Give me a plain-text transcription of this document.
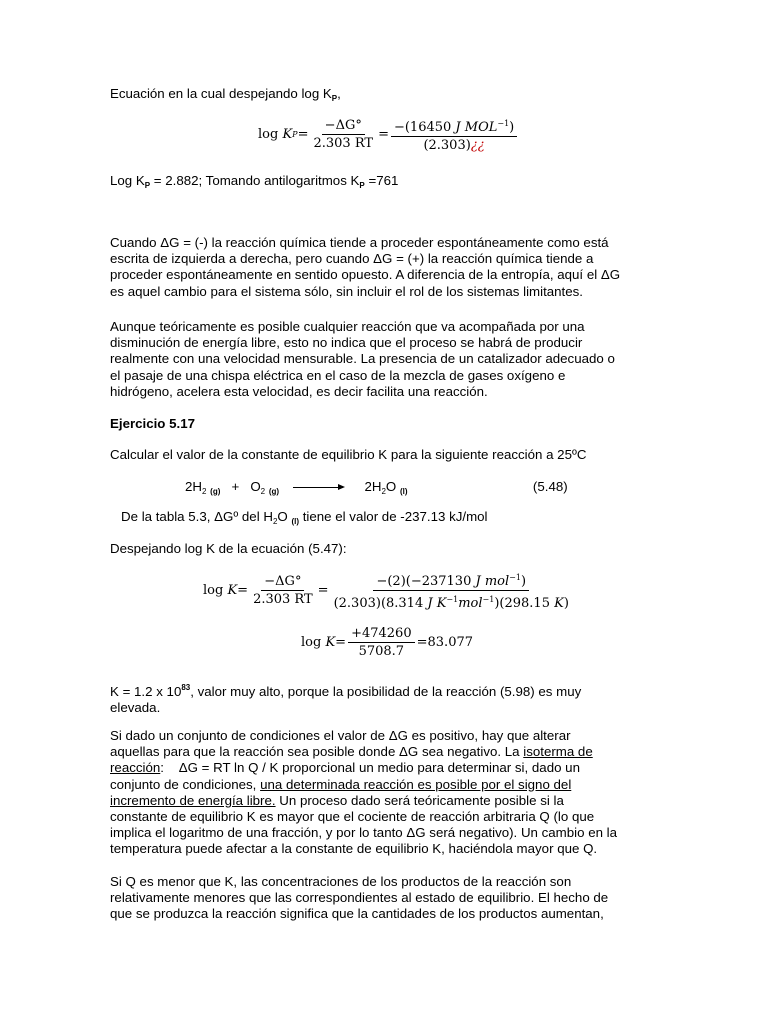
Ecuación en la cual despejando $\log K_P$,

log
K $P = \frac{-\Delta G^\circ}{2.303 RT} = \frac{-(16450 J MOL^{-1})}{(2.303)¿¿}$

Log $K_P = 2.882$; Tomando antilogaritmos $K_P =761$

Cuando ΔG = (-) la reacción química tiende a proceder espontáneamente como está
escrita de izquierda a derecha, pero cuando ΔG = (+) la reacción química tiende a
proceder espontáneamente en sentido opuesto. A diferencia de la entropía, aquí el ΔG
es aquel cambio para el sistema sólo, sin incluir el rol de los sistemas limitantes.

Aunque teóricamente es posible cualquier reacción que va acompañada por una
disminución de energía libre, esto no indica que el proceso se habrá de producir
realmente con una velocidad mensurable. La presencia de un catalizador adecuado o
el pasaje de una chispa eléctrica en el caso de la mezcla de gases oxígeno e
hidrógeno, acelera esta velocidad, es decir facilita una reacción.

Ejercicio 5.17

Calcular el valor de la constante de equilibrio K para la siguiente reacción a 25ºC

$2H_2$ $_{(g)} + O_2$ $_{(g)} \to 2H_2O$ $_{(l)}$	(5.48)

De la tabla 5.3, ΔGº del $H_2O$ $_{(l)}$ tiene el valor de -237.13 kJ/mol

Despejando log K de la ecuación (5.47):

log
$K = \frac{-\Delta G^\circ}{2.303 RT} = \frac{-(2)(-237130 J mol^{-1})}{(2.303)(8.314 J K^{-1}mol^{-1})(298.15 K)}$
log
$K = \frac{+474260}{5708.7} = 83.077$

K = 1.2 x $10^{83}$, valor muy alto, porque la posibilidad de la reacción (5.98) es muy
elevada.

Si dado un conjunto de condiciones el valor de ΔG es positivo, hay que alterar
aquellas para que la reacción sea posible donde ΔG sea negativo. La isoterma de
reacción:    ΔG = RT ln Q / K proporcional un medio para determinar si, dado un
conjunto de condiciones, una determinada reacción es posible por el signo del
incremento de energía libre. Un proceso dado será teóricamente posible si la
constante de equilibrio K es mayor que el cociente de reacción arbitraria Q (lo que
implica el logaritmo de una fracción, y por lo tanto ΔG será negativo). Un cambio en la
temperatura puede afectar a la constante de equilibrio K, haciéndola mayor que Q.

Si Q es menor que K, las concentraciones de los productos de la reacción son
relativamente menores que las correspondientes al estado de equilibrio. El hecho de
que se produzca la reacción significa que la cantidades de los productos aumentan,
